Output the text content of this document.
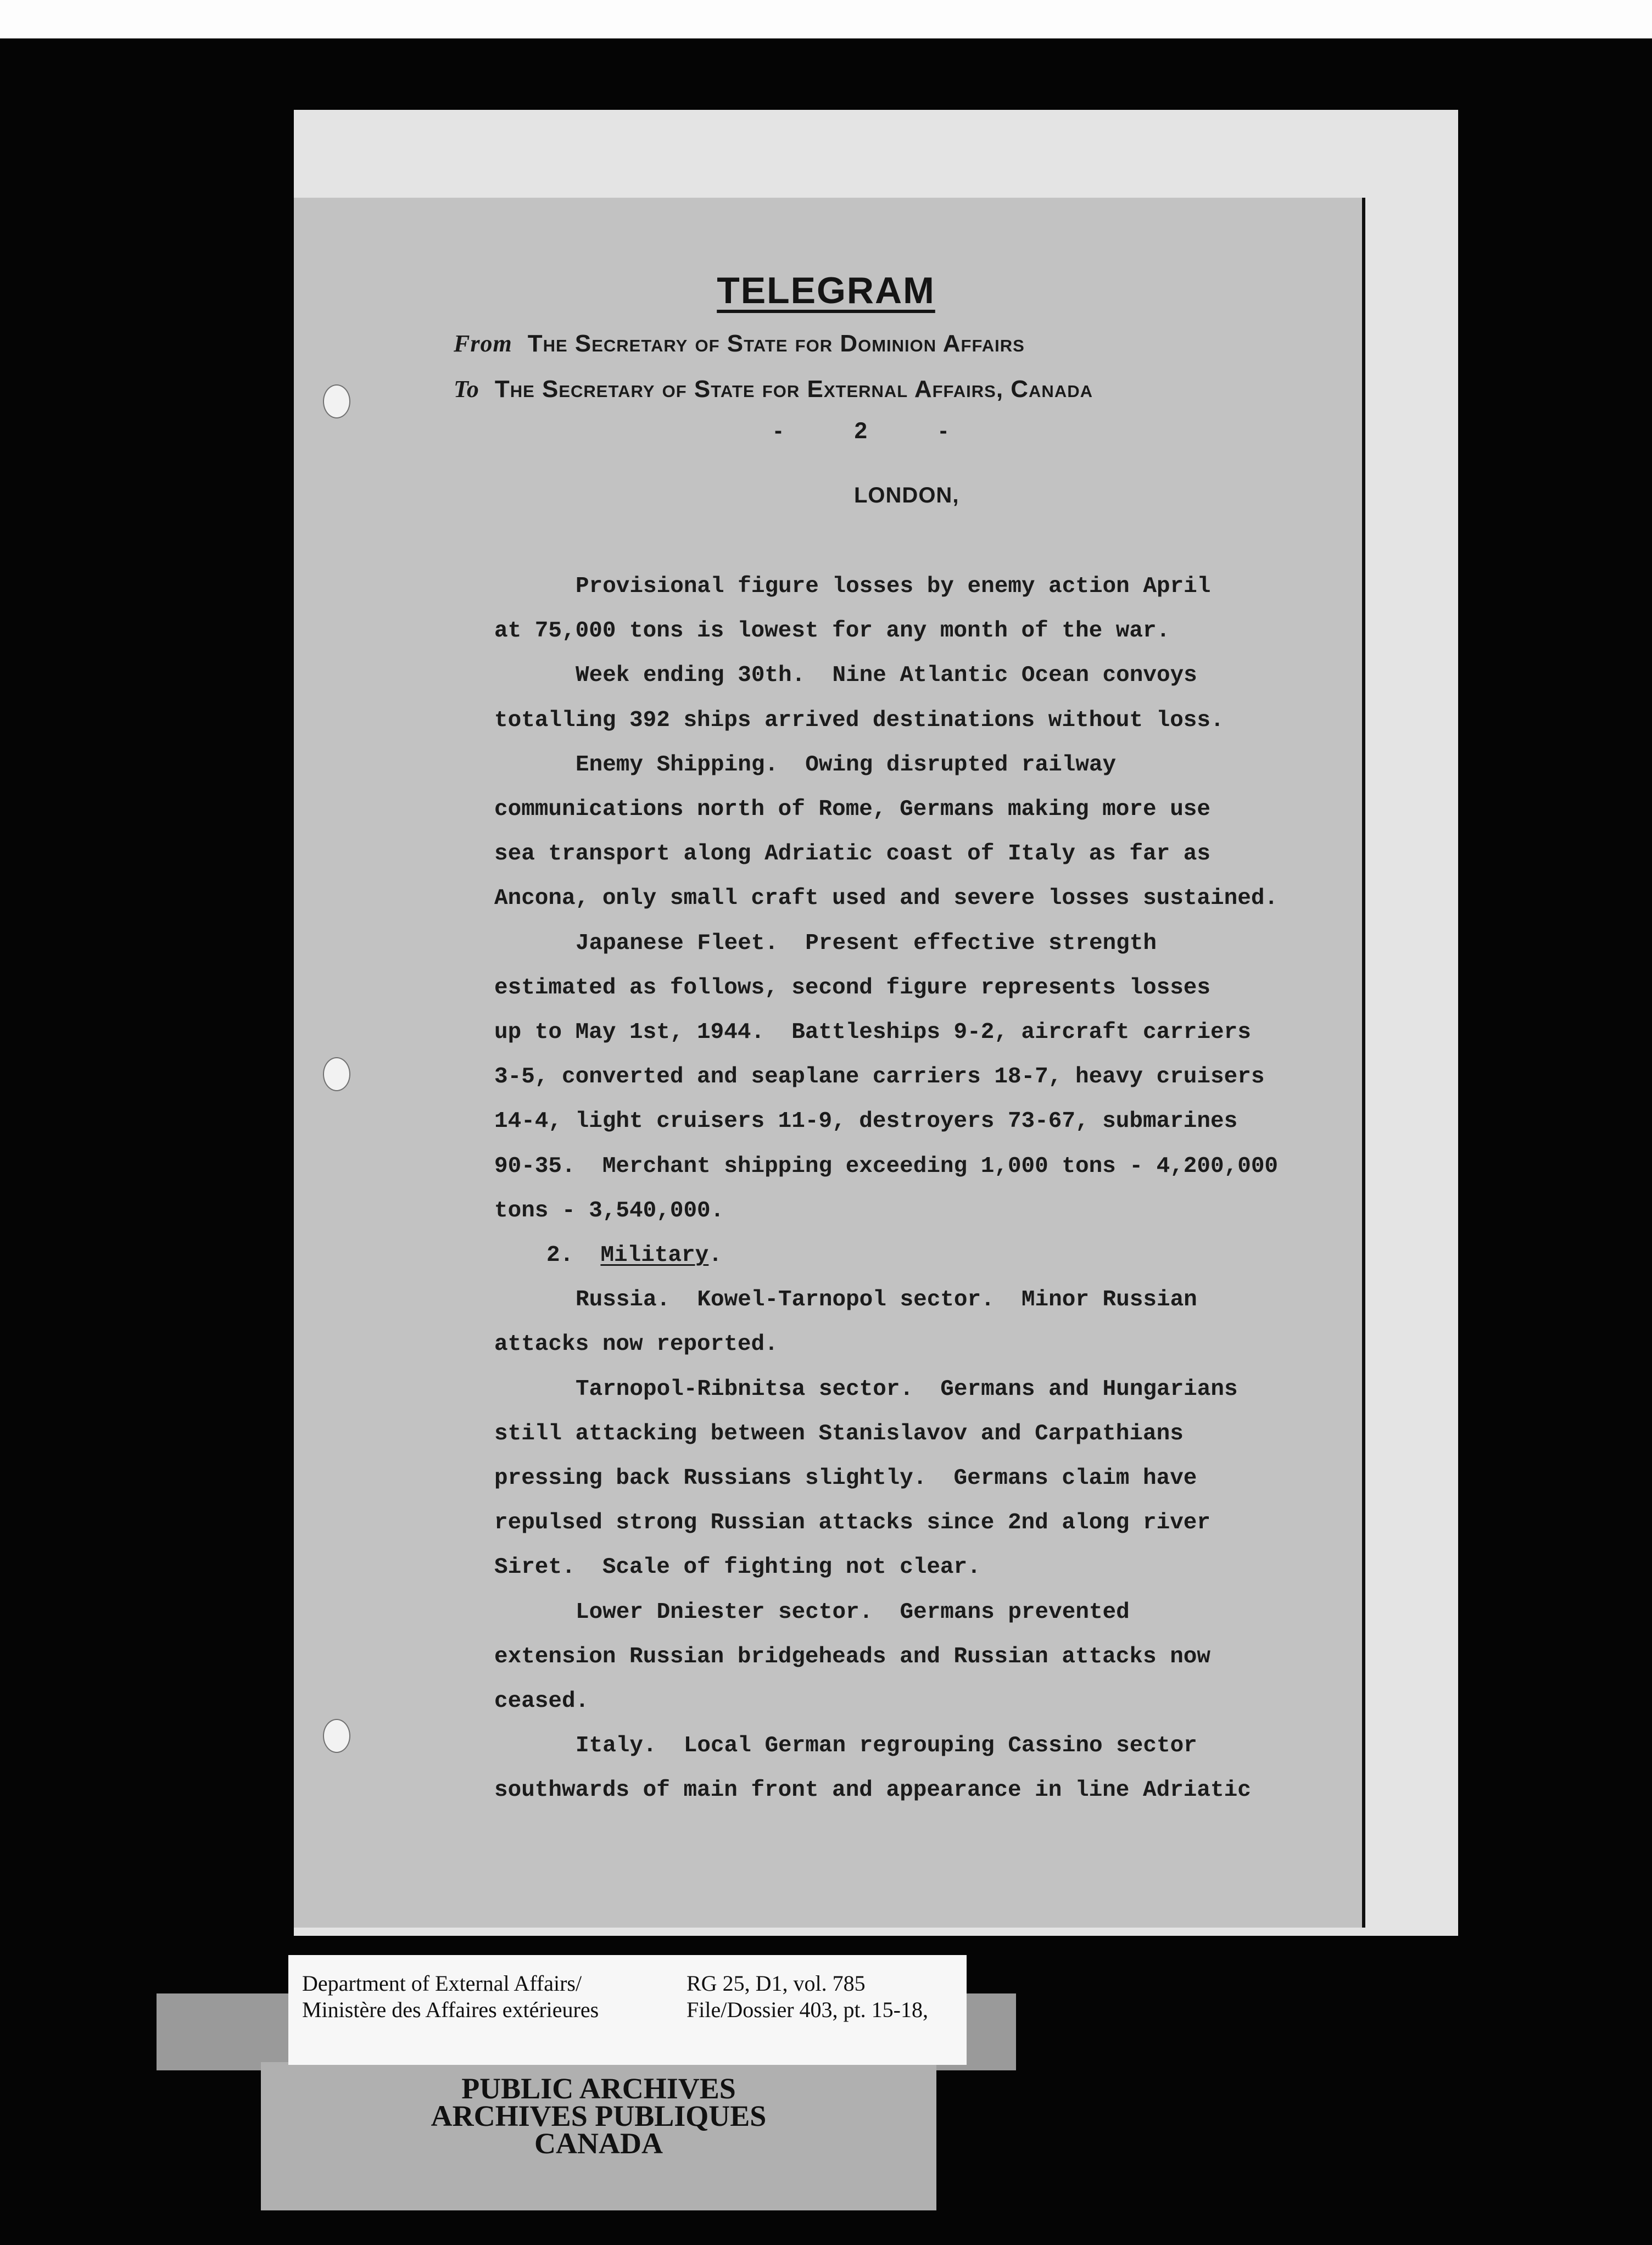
TELEGRAM
From The Secretary of State for Dominion Affairs
To The Secretary of State for External Affairs, Canada
- 2 -
LONDON,
Provisional figure losses by enemy action April
at 75,000 tons is lowest for any month of the war.
Week ending 30th.  Nine Atlantic Ocean convoys
totalling 392 ships arrived destinations without loss.
Enemy Shipping.  Owing disrupted railway
communications north of Rome, Germans making more use
sea transport along Adriatic coast of Italy as far as
Ancona, only small craft used and severe losses sustained.
Japanese Fleet.  Present effective strength
estimated as follows, second figure represents losses
up to May 1st, 1944.  Battleships 9-2, aircraft carriers
3-5, converted and seaplane carriers 18-7, heavy cruisers
14-4, light cruisers 11-9, destroyers 73-67, submarines
90-35.  Merchant shipping exceeding 1,000 tons - 4,200,000
tons - 3,540,000.
2. Military.
Russia.  Kowel-Tarnopol sector.  Minor Russian
attacks now reported.
Tarnopol-Ribnitsa sector.  Germans and Hungarians
still attacking between Stanislavov and Carpathians
pressing back Russians slightly.  Germans claim have
repulsed strong Russian attacks since 2nd along river
Siret.  Scale of fighting not clear.
Lower Dniester sector.  Germans prevented
extension Russian bridgeheads and Russian attacks now
ceased.
Italy.  Local German regrouping Cassino sector
southwards of main front and appearance in line Adriatic
Department of External Affairs/
Ministère des Affaires extérieures
RG 25, D1, vol. 785
File/Dossier 403, pt. 15-18,
PUBLIC ARCHIVES
ARCHIVES PUBLIQUES
CANADA
